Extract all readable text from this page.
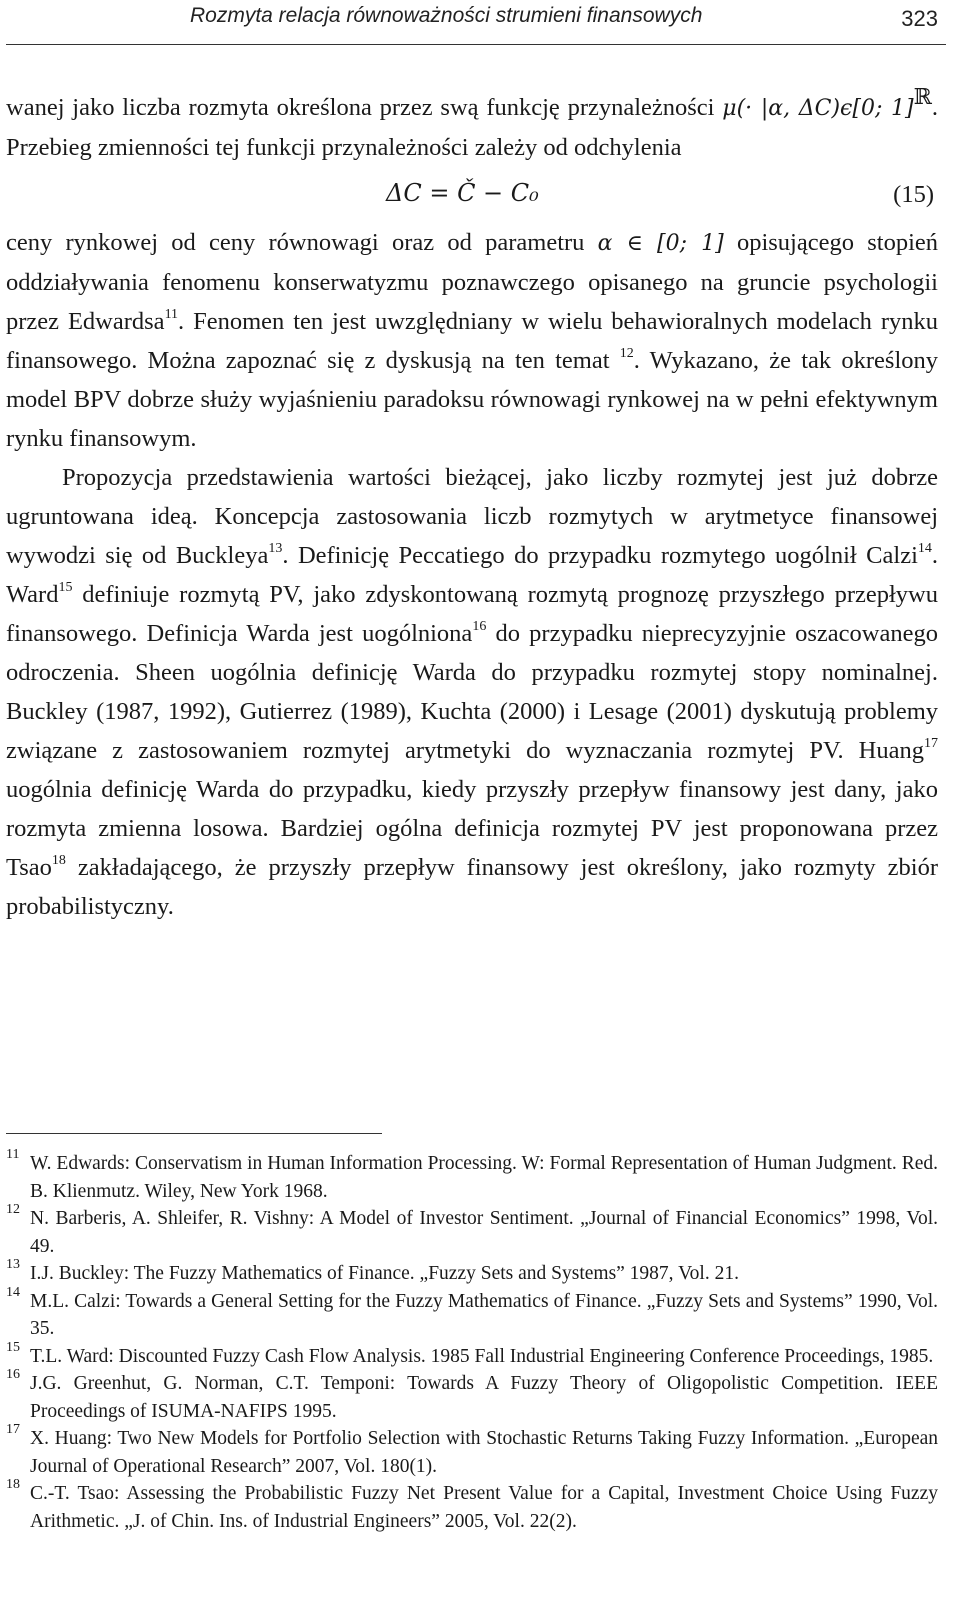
Rozmyta relacja równoważności strumieni finansowych	323

wanej jako liczba rozmyta określona przez swą funkcję przynależności μ(· |α, ΔC)ϵ[0; 1]$^ℝ$. Przebieg zmienności tej funkcji przynależności zależy od odchylenia

ΔC = Č − C₀	(15)

ceny rynkowej od ceny równowagi oraz od parametru α ∈ [0; 1] opisującego stopień oddziaływania fenomenu konserwatyzmu poznawczego opisanego na gruncie psychologii przez Edwardsa$^{11}$. Fenomen ten jest uwzględniany w wielu behawioralnych modelach rynku finansowego. Można zapoznać się z dyskusją na ten temat $^{12}$. Wykazano, że tak określony model BPV dobrze służy wyjaśnieniu paradoksu równowagi rynkowej na w pełni efektywnym rynku finansowym.

Propozycja przedstawienia wartości bieżącej, jako liczby rozmytej jest już dobrze ugruntowana ideą. Koncepcja zastosowania liczb rozmytych w arytmetyce finansowej wywodzi się od Buckleya$^{13}$. Definicję Peccatiego do przypadku rozmytego uogólnił Calzi$^{14}$. Ward$^{15}$ definiuje rozmytą PV, jako zdyskontowaną rozmytą prognozę przyszłego przepływu finansowego. Definicja Warda jest uogólniona$^{16}$ do przypadku nieprecyzyjnie oszacowanego odroczenia. Sheen uogólnia definicję Warda do przypadku rozmytej stopy nominalnej. Buckley (1987, 1992), Gutierrez (1989), Kuchta (2000) i Lesage (2001) dyskutują problemy związane z zastosowaniem rozmytej arytmetyki do wyznaczania rozmytej PV. Huang$^{17}$ uogólnia definicję Warda do przypadku, kiedy przyszły przepływ finansowy jest dany, jako rozmyta zmienna losowa. Bardziej ogólna definicja rozmytej PV jest proponowana przez Tsao$^{18}$ zakładającego, że przyszły przepływ finansowy jest określony, jako rozmyty zbiór probabilistyczny.

11 W. Edwards: Conservatism in Human Information Processing. W: Formal Representation of Human Judgment. Red. B. Klienmutz. Wiley, New York 1968.
12 N. Barberis, A. Shleifer, R. Vishny: A Model of Investor Sentiment. „Journal of Financial Economics” 1998, Vol. 49.
13 I.J. Buckley: The Fuzzy Mathematics of Finance. „Fuzzy Sets and Systems” 1987, Vol. 21.
14 M.L. Calzi: Towards a General Setting for the Fuzzy Mathematics of Finance. „Fuzzy Sets and Systems” 1990, Vol. 35.
15 T.L. Ward: Discounted Fuzzy Cash Flow Analysis. 1985 Fall Industrial Engineering Conference Proceedings, 1985.
16 J.G. Greenhut, G. Norman, C.T. Temponi: Towards A Fuzzy Theory of Oligopolistic Competition. IEEE Proceedings of ISUMA-NAFIPS 1995.
17 X. Huang: Two New Models for Portfolio Selection with Stochastic Returns Taking Fuzzy Information. „European Journal of Operational Research” 2007, Vol. 180(1).
18 C.-T. Tsao: Assessing the Probabilistic Fuzzy Net Present Value for a Capital, Investment Choice Using Fuzzy Arithmetic. „J. of Chin. Ins. of Industrial Engineers” 2005, Vol. 22(2).
